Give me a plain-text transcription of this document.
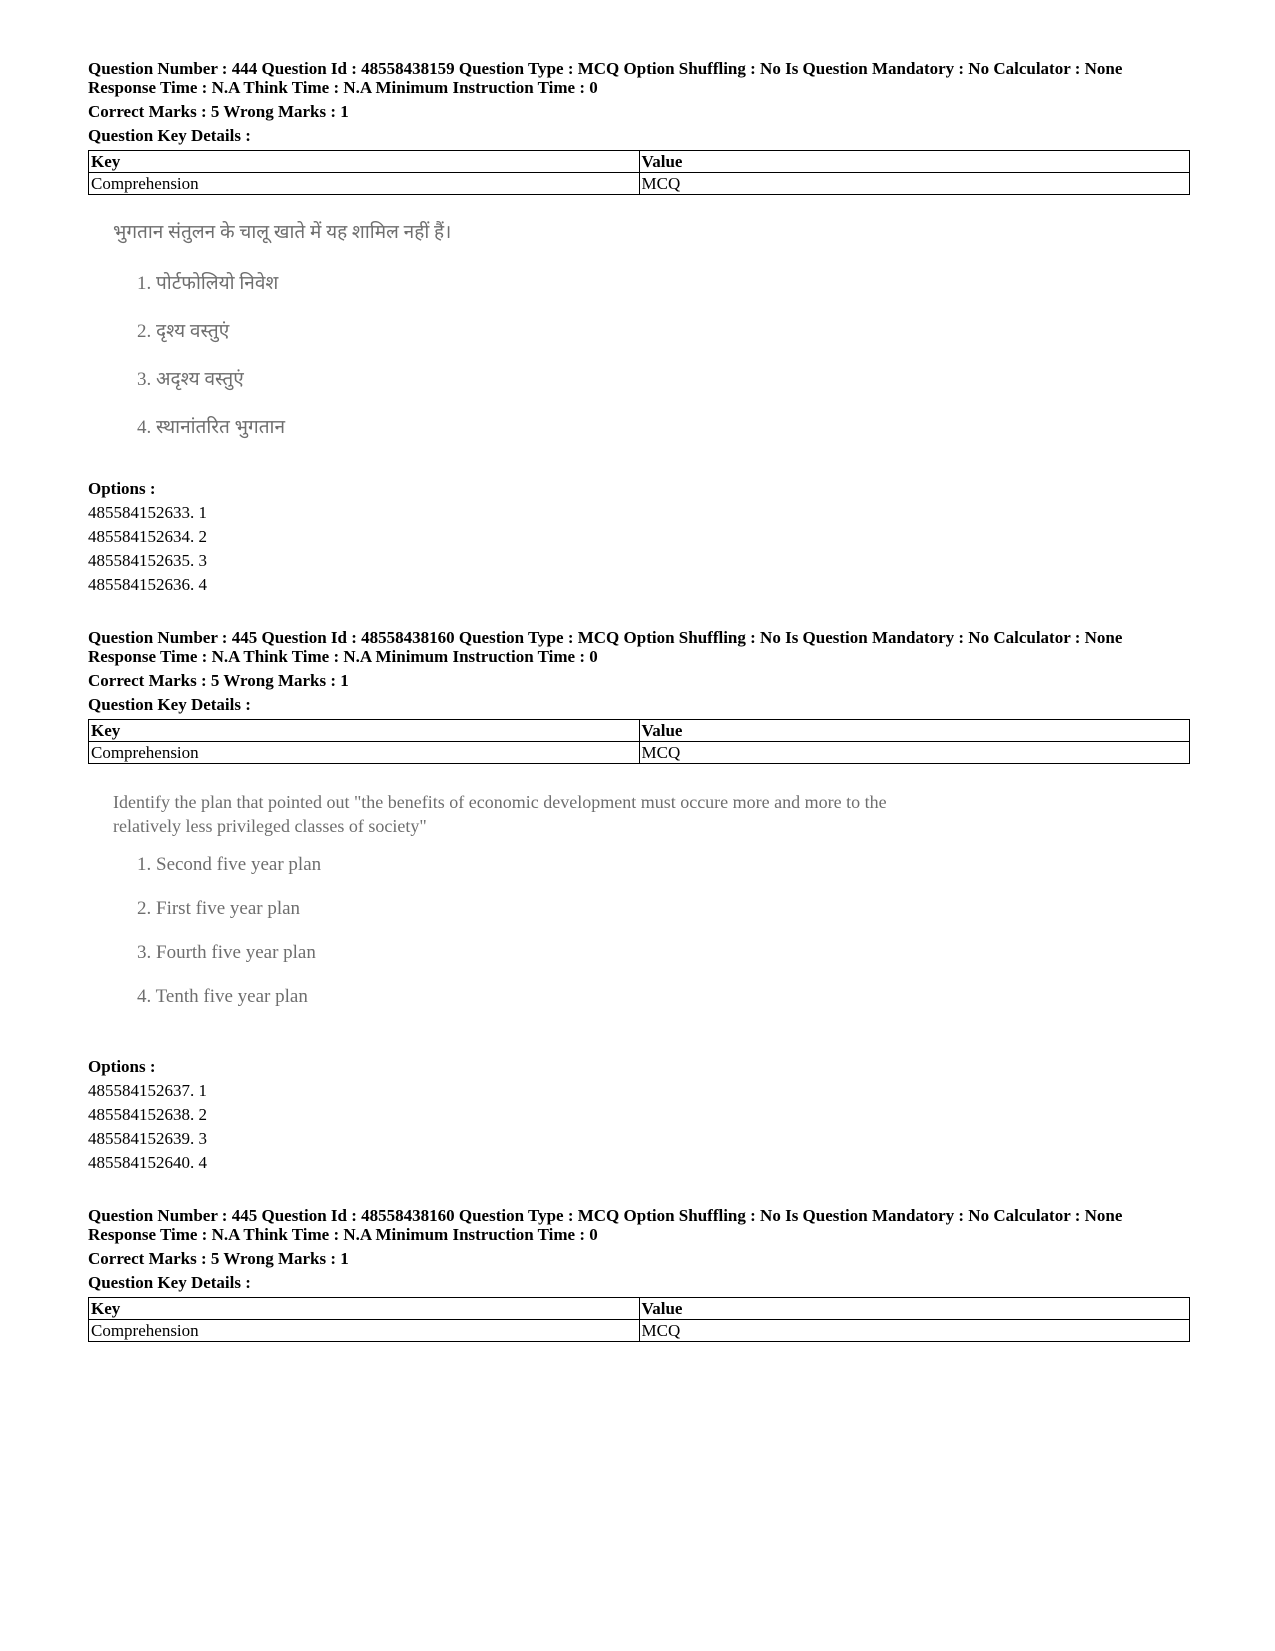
Question Number : 444 Question Id : 48558438159 Question Type : MCQ Option Shuffling : No Is Question Mandatory : No Calculator : None
Response Time : N.A Think Time : N.A Minimum Instruction Time : 0
Correct Marks : 5 Wrong Marks : 1
Question Key Details :
Key	Value
Comprehension	MCQ
भुगतान संतुलन के चालू खाते में यह शामिल नहीं हैं।
1. पोर्टफोलियो निवेश
2. दृश्य वस्तुएं
3. अदृश्य वस्तुएं
4. स्थानांतरित भुगतान
Options :
485584152633. 1
485584152634. 2
485584152635. 3
485584152636. 4
Question Number : 445 Question Id : 48558438160 Question Type : MCQ Option Shuffling : No Is Question Mandatory : No Calculator : None
Response Time : N.A Think Time : N.A Minimum Instruction Time : 0
Correct Marks : 5 Wrong Marks : 1
Question Key Details :
Key	Value
Comprehension	MCQ
Identify the plan that pointed out "the benefits of economic development must occure more and more to the
relatively less privileged classes of society"
1. Second five year plan
2. First five year plan
3. Fourth five year plan
4. Tenth five year plan
Options :
485584152637. 1
485584152638. 2
485584152639. 3
485584152640. 4
Question Number : 445 Question Id : 48558438160 Question Type : MCQ Option Shuffling : No Is Question Mandatory : No Calculator : None
Response Time : N.A Think Time : N.A Minimum Instruction Time : 0
Correct Marks : 5 Wrong Marks : 1
Question Key Details :
Key	Value
Comprehension	MCQ
